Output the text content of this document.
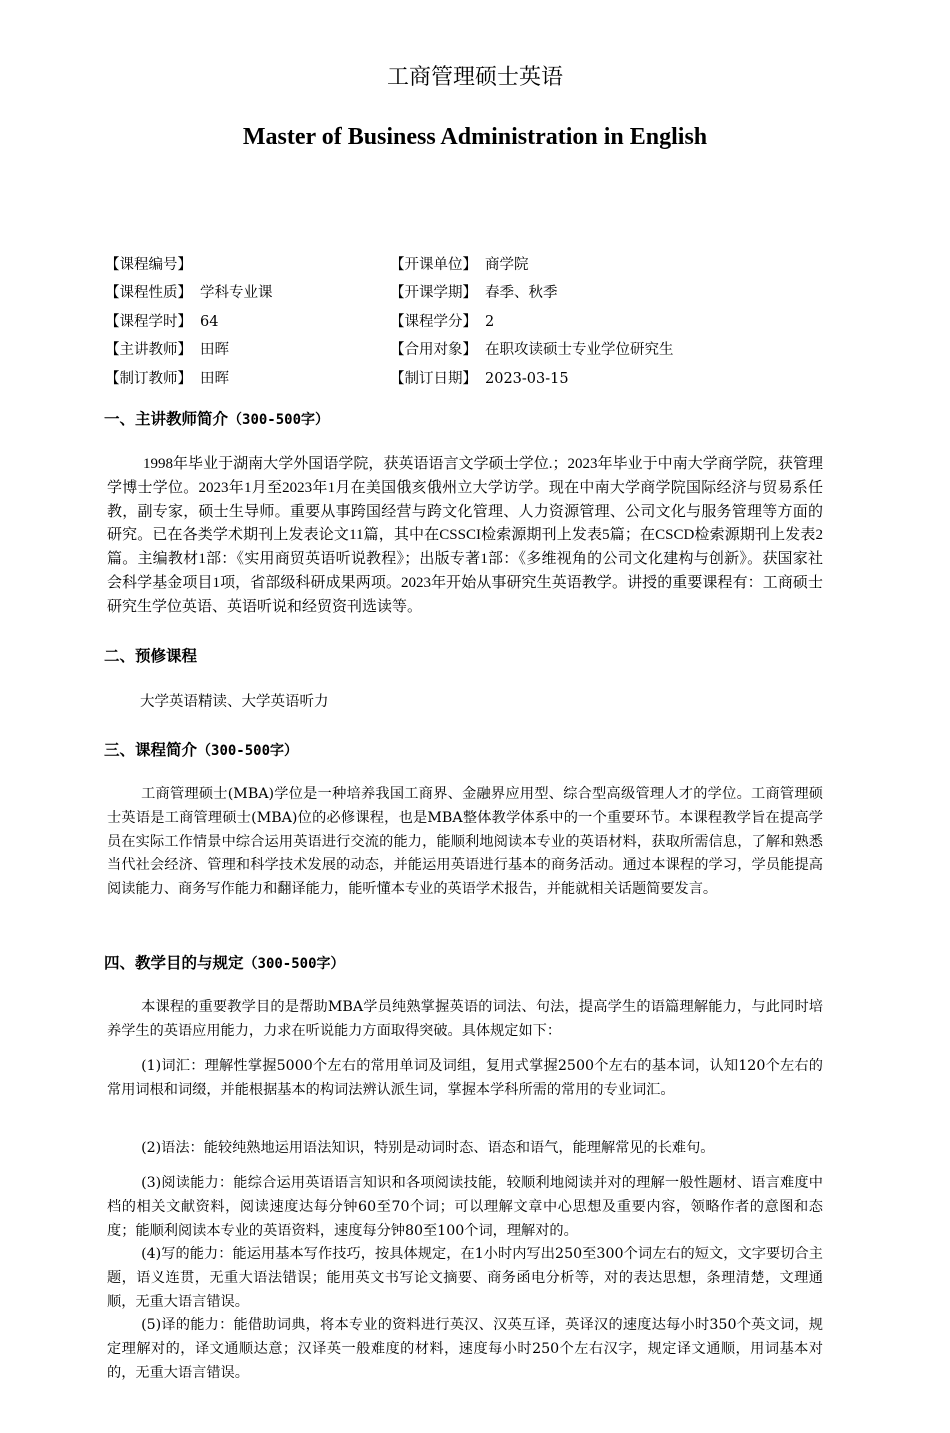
工商管理硕士英语
Master of Business Administration in English
【课程编号】	【开课单位】 商学院
【课程性质】 学科专业课	【开课学期】 春季、秋季
【课程学时】 64	【课程学分】 2
【主讲教师】 田晖	【合用对象】在职攻读硕士专业学位研究生
【制订教师】 田晖	【制订日期】 2023-03-15
一、主讲教师简介（300-500字）
1998年毕业于湖南大学外国语学院，获英语语言文学硕士学位.；2023年毕业于中南大学商学院，获管理学博士学位。2023年1月至2023年1月在美国俄亥俄州立大学访学。现在中南大学商学院国际经济与贸易系任教，副专家，硕士生导师。重要从事跨国经营与跨文化管理、人力资源管理、公司文化与服务管理等方面的研究。已在各类学术期刊上发表论文11篇，其中在CSSCI检索源期刊上发表5篇；在CSCD检索源期刊上发表2篇。主编教材1部：《实用商贸英语听说教程》；出版专著1部：《多维视角的公司文化建构与创新》。获国家社会科学基金项目1项，省部级科研成果两项。2023年开始从事研究生英语教学。讲授的重要课程有：工商硕士研究生学位英语、英语听说和经贸资刊选读等。
二、预修课程
大学英语精读、大学英语听力
三、课程简介（300-500字）
工商管理硕士(MBA)学位是一种培养我国工商界、金融界应用型、综合型高级管理人才的学位。工商管理硕士英语是工商管理硕士(MBA)位的必修课程，也是MBA整体教学体系中的一个重要环节。本课程教学旨在提高学员在实际工作情景中综合运用英语进行交流的能力，能顺利地阅读本专业的英语材料，获取所需信息，了解和熟悉当代社会经济、管理和科学技术发展的动态，并能运用英语进行基本的商务活动。通过本课程的学习，学员能提高阅读能力、商务写作能力和翻译能力，能听懂本专业的英语学术报告，并能就相关话题简要发言。
四、教学目的与规定（300-500字）
本课程的重要教学目的是帮助MBA学员纯熟掌握英语的词法、句法，提高学生的语篇理解能力，与此同时培养学生的英语应用能力，力求在听说能力方面取得突破。具体规定如下：
(1)词汇：理解性掌握5000个左右的常用单词及词组，复用式掌握2500个左右的基本词，认知120个左右的常用词根和词缀，并能根据基本的构词法辨认派生词，掌握本学科所需的常用的专业词汇。
(2)语法：能较纯熟地运用语法知识，特别是动词时态、语态和语气，能理解常见的长难句。
(3)阅读能力：能综合运用英语语言知识和各项阅读技能，较顺利地阅读并对的理解一般性题材、语言难度中档的相关文献资料，阅读速度达每分钟60至70个词；可以理解文章中心思想及重要内容，领略作者的意图和态度；能顺利阅读本专业的英语资料，速度每分钟80至100个词，理解对的。
(4)写的能力：能运用基本写作技巧，按具体规定，在1小时内写出250至300个词左右的短文，文字要切合主题，语义连贯，无重大语法错误；能用英文书写论文摘要、商务函电分析等，对的表达思想，条理清楚，文理通顺，无重大语言错误。
(5)译的能力：能借助词典，将本专业的资料进行英汉、汉英互译，英译汉的速度达每小时350个英文词，规定理解对的，译文通顺达意；汉译英一般难度的材料，速度每小时250个左右汉字，规定译文通顺，用词基本对的，无重大语言错误。
